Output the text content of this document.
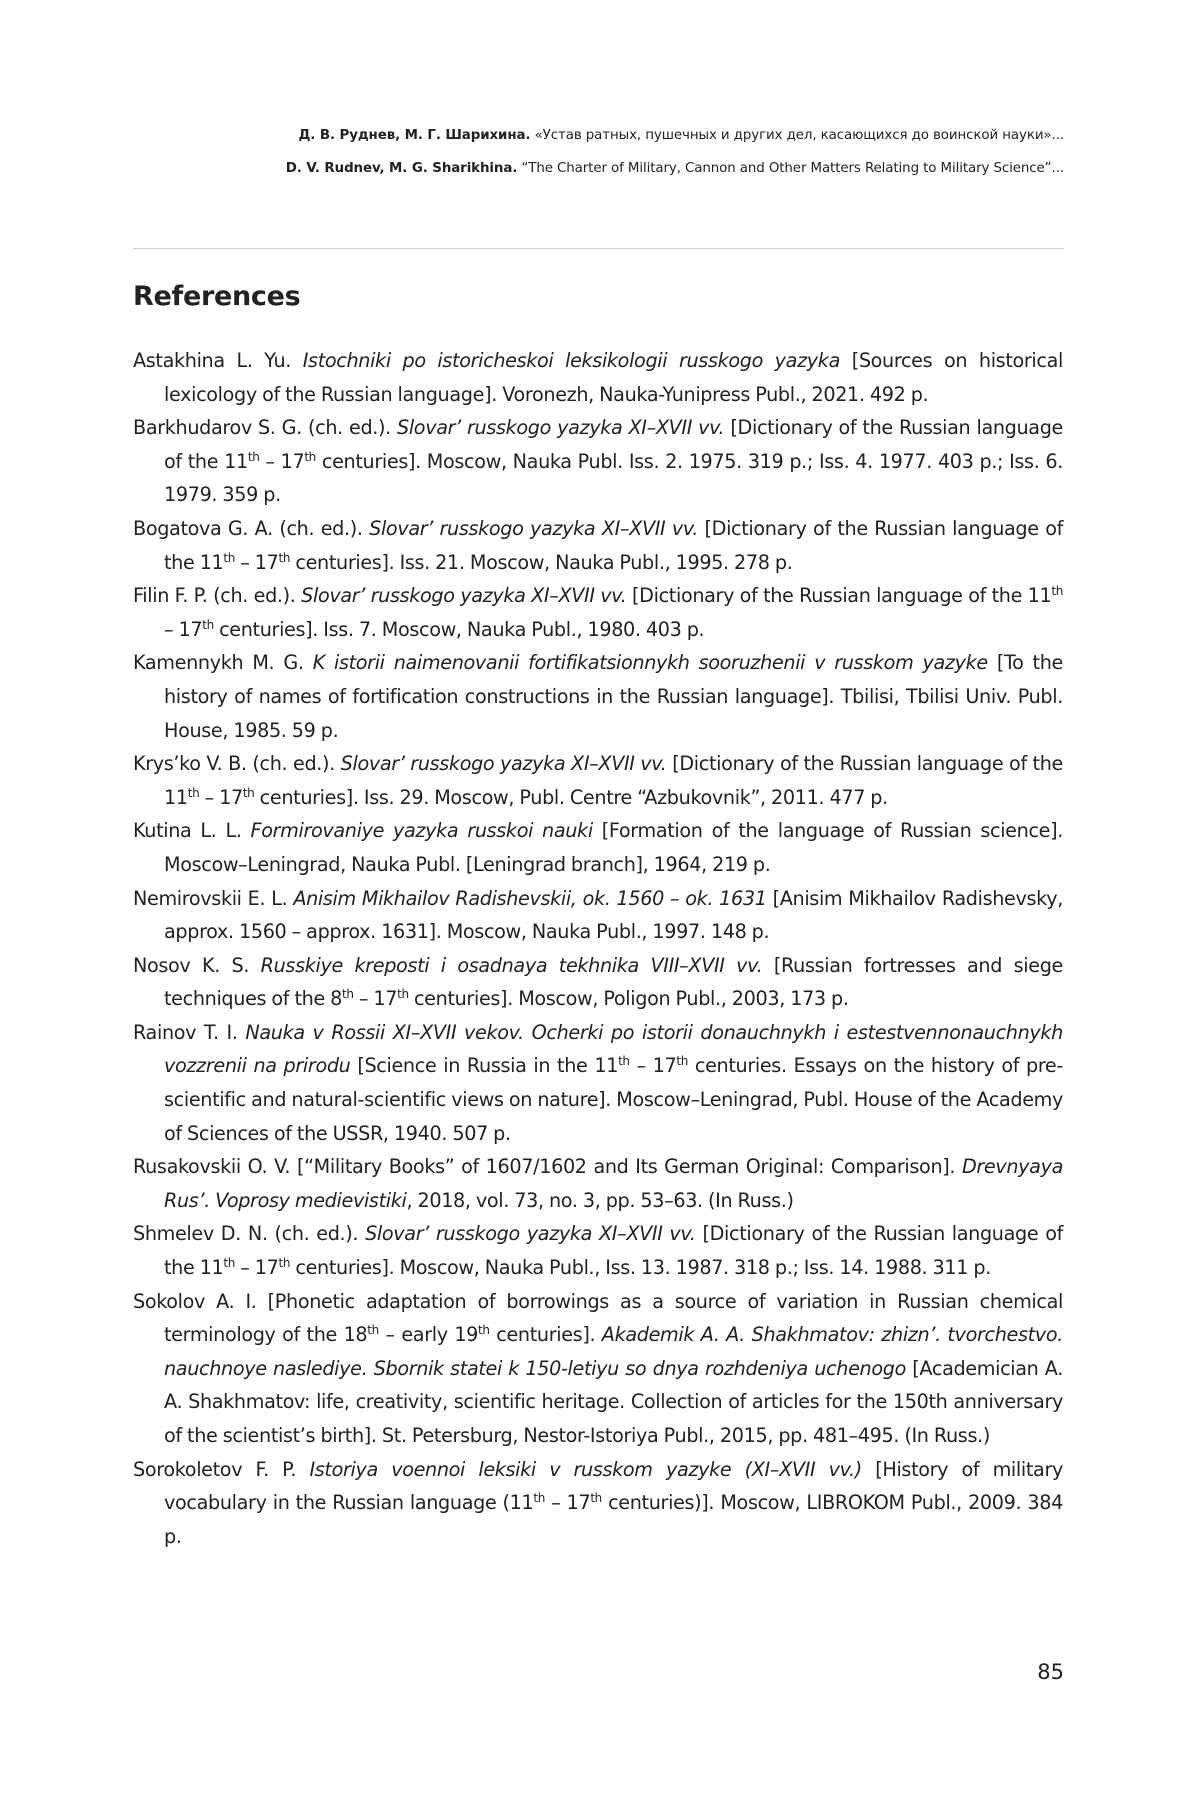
Д. В. Руднев, М. Г. Шарихина. «Устав ратных, пушечных и других дел, касающихся до воинской науки»...
D. V. Rudnev, M. G. Sharikhina. “The Charter of Military, Cannon and Other Matters Relating to Military Science”...
References
Astakhina L. Yu. Istochniki po istoricheskoi leksikologii russkogo yazyka [Sources on historical lexicology of the Russian language]. Voronezh, Nauka-Yunipress Publ., 2021. 492 p.
Barkhudarov S. G. (ch. ed.). Slovar’ russkogo yazyka XI–XVII vv. [Dictionary of the Russian language of the 11th – 17th centuries]. Moscow, Nauka Publ. Iss. 2. 1975. 319 p.; Iss. 4. 1977. 403 p.; Iss. 6. 1979. 359 p.
Bogatova G. A. (ch. ed.). Slovar’ russkogo yazyka XI–XVII vv. [Dictionary of the Russian language of the 11th – 17th centuries]. Iss. 21. Moscow, Nauka Publ., 1995. 278 p.
Filin F. P. (ch. ed.). Slovar’ russkogo yazyka XI–XVII vv. [Dictionary of the Russian language of the 11th – 17th centuries]. Iss. 7. Moscow, Nauka Publ., 1980. 403 p.
Kamennykh M. G. K istorii naimenovanii fortifikatsionnykh sooruzhenii v russkom yazyke [To the history of names of fortification constructions in the Russian language]. Tbilisi, Tbilisi Univ. Publ. House, 1985. 59 p.
Krys’ko V. B. (ch. ed.). Slovar’ russkogo yazyka XI–XVII vv. [Dictionary of the Russian language of the 11th – 17th centuries]. Iss. 29. Moscow, Publ. Centre “Azbukovnik”, 2011. 477 p.
Kutina L. L. Formirovaniye yazyka russkoi nauki [Formation of the language of Russian science]. Moscow–Leningrad, Nauka Publ. [Leningrad branch], 1964, 219 p.
Nemirovskii E. L. Anisim Mikhailov Radishevskii, ok. 1560 – ok. 1631 [Anisim Mikhailov Radishevsky, approx. 1560 – approx. 1631]. Moscow, Nauka Publ., 1997. 148 p.
Nosov K. S. Russkiye kreposti i osadnaya tekhnika VIII–XVII vv. [Russian fortresses and siege techniques of the 8th – 17th centuries]. Moscow, Poligon Publ., 2003, 173 p.
Rainov T. I. Nauka v Rossii XI–XVII vekov. Ocherki po istorii donauchnykh i estestvennonauchnykh vozzrenii na prirodu [Science in Russia in the 11th – 17th centuries. Essays on the history of pre-scientific and natural-scientific views on nature]. Moscow–Leningrad, Publ. House of the Academy of Sciences of the USSR, 1940. 507 p.
Rusakovskii O. V. [“Military Books” of 1607/1602 and Its German Original: Comparison]. Drevnyaya Rus’. Voprosy medievistiki, 2018, vol. 73, no. 3, pp. 53–63. (In Russ.)
Shmelev D. N. (ch. ed.). Slovar’ russkogo yazyka XI–XVII vv. [Dictionary of the Russian language of the 11th – 17th centuries]. Moscow, Nauka Publ., Iss. 13. 1987. 318 p.; Iss. 14. 1988. 311 p.
Sokolov A. I. [Phonetic adaptation of borrowings as a source of variation in Russian chemical terminology of the 18th – early 19th centuries]. Akademik A. A. Shakhmatov: zhizn’. tvorchestvo. nauchnoye naslediye. Sbornik statei k 150-letiyu so dnya rozhdeniya uchenogo [Academician A. A. Shakhmatov: life, creativity, scientific heritage. Collection of articles for the 150th anniversary of the scientist’s birth]. St. Petersburg, Nestor-Istoriya Publ., 2015, pp. 481–495. (In Russ.)
Sorokoletov F. P. Istoriya voennoi leksiki v russkom yazyke (XI–XVII vv.) [History of military vocabulary in the Russian language (11th – 17th centuries)]. Moscow, LIBROKOM Publ., 2009. 384 p.
85
